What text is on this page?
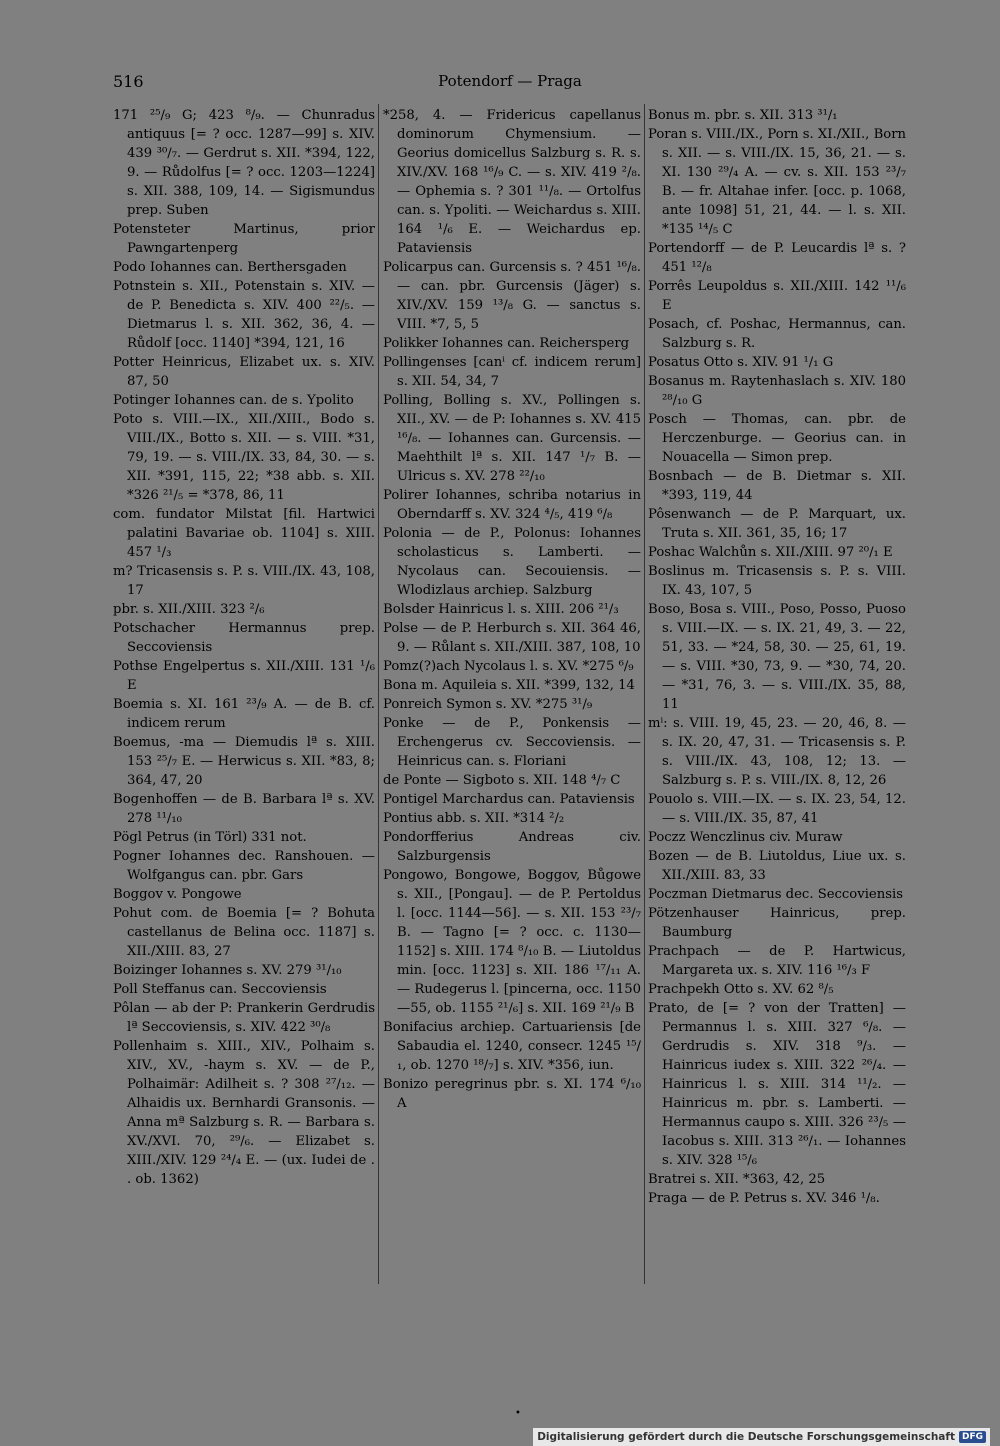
516	Potendorf — Praga

171 ²⁵/₉ G; 423 ⁸/₉. — Chunradus antiquus [= ? occ. 1287—99] s. XIV. 439 ³⁰/₇. — Gerdrut s. XII. *394, 122, 9. — Růdolfus [= ? occ. 1203—1224] s. XII. 388, 109, 14. — Sigismundus prep. Suben

Potensteter Martinus, prior Pawngartenperg

Podo Iohannes can. Berthersgaden

Potnstein s. XII., Potenstain s. XIV. — de P. Benedicta s. XIV. 400 ²²/₅. — Dietmarus l. s. XII. 362, 36, 4. — Růdolf [occ. 1140] *394, 121, 16

Potter Heinricus, Elizabet ux. s. XIV. 87, 50

Potinger Iohannes can. de s. Ypolito

Poto s. VIII.—IX., XII./XIII., Bodo s. VIII./IX., Botto s. XII. — s. VIII. *31, 79, 19. — s. VIII./IX. 33, 84, 30. — s. XII. *391, 115, 22; *38 abb. s. XII. *326 ²¹/₅ = *378, 86, 11

com. fundator Milstat [fil. Hartwici palatini Bavariae ob. 1104] s. XIII. 457 ¹/₃

m? Tricasensis s. P. s. VIII./IX. 43, 108, 17

pbr. s. XII./XIII. 323 ²/₆

Potschacher Hermannus prep. Seccoviensis

Pothse Engelpertus s. XII./XIII. 131 ¹/₆ E

Boemia s. XI. 161 ²³/₉ A. — de B. cf. indicem rerum

Boemus, -ma — Diemudis lª s. XIII. 153 ²⁵/₇ E. — Herwicus s. XII. *83, 8; 364, 47, 20

Bogenhoffen — de B. Barbara lª s. XV. 278 ¹¹/₁₀

Pögl Petrus (in Törl) 331 not.

Pogner Iohannes dec. Ranshouen. — Wolfgangus can. pbr. Gars

Boggov v. Pongowe

Pohut com. de Boemia [= ? Bohuta castellanus de Belina occ. 1187] s. XII./XIII. 83, 27

Boizinger Iohannes s. XV. 279 ³¹/₁₀

Poll Steffanus can. Seccoviensis

Pôlan — ab der P: Prankerin Gerdrudis lª Seccoviensis, s. XIV. 422 ³⁰/₈

Pollenhaim s. XIII., XIV., Polhaim s. XIV., XV., -haym s. XV. — de P., Polhaimär: Adilheit s. ? 308 ²⁷/₁₂. — Alhaidis ux. Bernhardi Gransonis. — Anna mª Salzburg s. R. — Barbara s. XV./XVI. 70, ²⁹/₆. — Elizabet s. XIII./XIV. 129 ²⁴/₄ E. — (ux. Iudei de . . ob. 1362)

*258, 4. — Fridericus capellanus dominorum Chymensium. — Georius domicellus Salzburg s. R. s. XIV./XV. 168 ¹⁶/₉ C. — s. XIV. 419 ²/₈. — Ophemia s. ? 301 ¹¹/₈. — Ortolfus can. s. Ypoliti. — Weichardus s. XIII. 164 ¹/₆ E. — Weichardus ep. Pataviensis

Policarpus can. Gurcensis s. ? 451 ¹⁶/₈. — can. pbr. Gurcensis (Jäger) s. XIV./XV. 159 ¹³/₈ G. — sanctus s. VIII. *7, 5, 5

Polikker Iohannes can. Reichersperg

Pollingenses [canⁱ cf. indicem rerum] s. XII. 54, 34, 7

Polling, Bolling s. XV., Pollingen s. XII., XV. — de P: Iohannes s. XV. 415 ¹⁶/₈. — Iohannes can. Gurcensis. — Maehthilt lª s. XII. 147 ¹/₇ B. — Ulricus s. XV. 278 ²²/₁₀

Polirer Iohannes, schriba notarius in Oberndarff s. XV. 324 ⁴/₅, 419 ⁶/₈

Polonia — de P., Polonus: Iohannes scholasticus s. Lamberti. — Nycolaus can. Secouiensis. — Wlodizlaus archiep. Salzburg

Bolsder Hainricus l. s. XIII. 206 ²¹/₃

Polse — de P. Herburch s. XII. 364 46, 9. — Růlant s. XII./XIII. 387, 108, 10

Pomz(?)ach Nycolaus l. s. XV. *275 ⁶/₉

Bona m. Aquileia s. XII. *399, 132, 14

Ponreich Symon s. XV. *275 ³¹/₉

Ponke — de P., Ponkensis — Erchengerus cv. Seccoviensis. — Heinricus can. s. Floriani

de Ponte — Sigboto s. XII. 148 ⁴/₇ C

Pontigel Marchardus can. Pataviensis

Pontius abb. s. XII. *314 ²/₂

Pondorfferius Andreas civ. Salzburgensis

Pongowo, Bongowe, Boggov, Bůgowe s. XII., [Pongau]. — de P. Pertoldus l. [occ. 1144—56]. — s. XII. 153 ²³/₇ B. — Tagno [= ? occ. c. 1130—1152] s. XIII. 174 ⁸/₁₀ B. — Liutoldus min. [occ. 1123] s. XII. 186 ¹⁷/₁₁ A. — Rudegerus l. [pincerna, occ. 1150—55, ob. 1155 ²¹/₆] s. XII. 169 ²¹/₉ B

Bonifacius archiep. Cartuariensis [de Sabaudia el. 1240, consecr. 1245 ¹⁵/₁, ob. 1270 ¹⁸/₇] s. XIV. *356, iun.

Bonizo peregrinus pbr. s. XI. 174 ⁶/₁₀ A

Bonus m. pbr. s. XII. 313 ³¹/₁

Poran s. VIII./IX., Porn s. XI./XII., Born s. XII. — s. VIII./IX. 15, 36, 21. — s. XI. 130 ²⁹/₄ A. — cv. s. XII. 153 ²³/₇ B. — fr. Altahae infer. [occ. p. 1068, ante 1098] 51, 21, 44. — l. s. XII. *135 ¹⁴/₅ C

Portendorff — de P. Leucardis lª s. ? 451 ¹²/₈

Porrês Leupoldus s. XII./XIII. 142 ¹¹/₆ E

Posach, cf. Poshac, Hermannus, can. Salzburg s. R.

Posatus Otto s. XIV. 91 ¹/₁ G

Bosanus m. Raytenhaslach s. XIV. 180 ²⁸/₁₀ G

Posch — Thomas, can. pbr. de Herczenburge. — Georius can. in Nouacella — Simon prep.

Bosnbach — de B. Dietmar s. XII. *393, 119, 44

Pôsenwanch — de P. Marquart, ux. Truta s. XII. 361, 35, 16; 17

Poshac Walchůn s. XII./XIII. 97 ²⁰/₁ E

Boslinus m. Tricasensis s. P. s. VIII. IX. 43, 107, 5

Boso, Bosa s. VIII., Poso, Posso, Puoso s. VIII.—IX. — s. IX. 21, 49, 3. — 22, 51, 33. — *24, 58, 30. — 25, 61, 19. — s. VIII. *30, 73, 9. — *30, 74, 20. — *31, 76, 3. — s. VIII./IX. 35, 88, 11

mⁱ: s. VIII. 19, 45, 23. — 20, 46, 8. — s. IX. 20, 47, 31. — Tricasensis s. P. s. VIII./IX. 43, 108, 12; 13. — Salzburg s. P. s. VIII./IX. 8, 12, 26

Pouolo s. VIII.—IX. — s. IX. 23, 54, 12. — s. VIII./IX. 35, 87, 41

Poczz Wenczlinus civ. Muraw

Bozen — de B. Liutoldus, Liue ux. s. XII./XIII. 83, 33

Poczman Dietmarus dec. Seccoviensis

Pötzenhauser Hainricus, prep. Baumburg

Prachpach — de P. Hartwicus, Margareta ux. s. XIV. 116 ¹⁶/₃ F

Prachpekh Otto s. XV. 62 ⁸/₅

Prato, de [= ? von der Tratten] — Permannus l. s. XIII. 327 ⁶/₈. — Gerdrudis s. XIV. 318 ⁹/₃. — Hainricus iudex s. XIII. 322 ²⁶/₄. — Hainricus l. s. XIII. 314 ¹¹/₂. — Hainricus m. pbr. s. Lamberti. — Hermannus caupo s. XIII. 326 ²³/₅ — Iacobus s. XIII. 313 ²⁶/₁. — Iohannes s. XIV. 328 ¹⁵/₆

Bratrei s. XII. *363, 42, 25

Praga — de P. Petrus s. XV. 346 ¹/₈.

•
Digitalisierung gefördert durch die Deutsche Forschungsgemeinschaft DFG
